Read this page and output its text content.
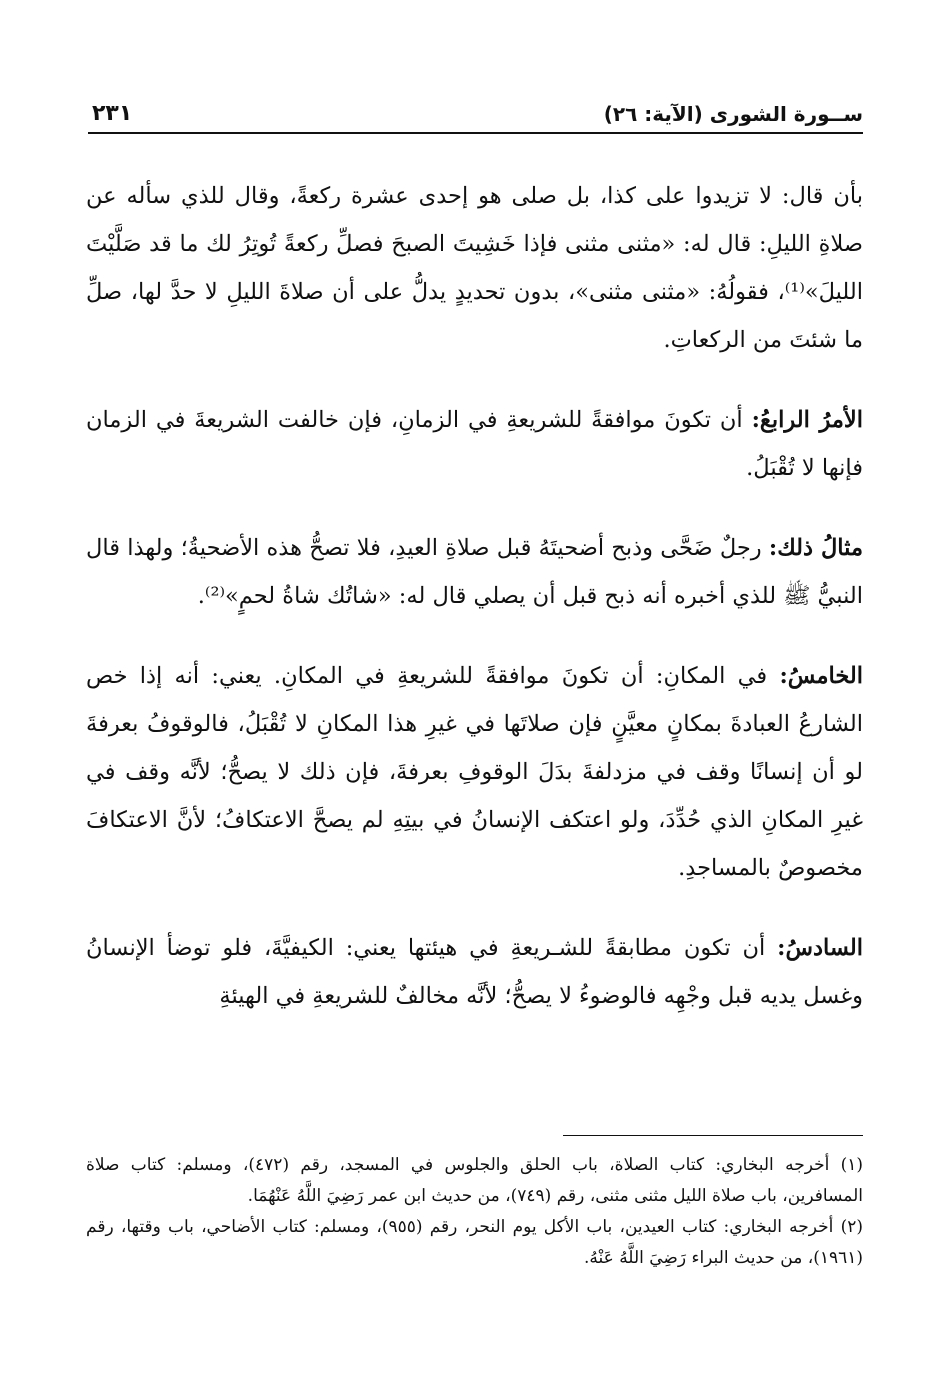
ســورة الشورى (الآية: ٢٦)
٢٣١

بأن قال: لا تزيدوا على كذا، بل صلى هو إحدى عشرة ركعةً، وقال للذي سأله عن صلاةِ الليلِ: قال له: «مثنى مثنى فإذا خَشِيتَ الصبحَ فصلِّ ركعةً تُوتِرُ لك ما قد صَلَّيْتَ الليلَ»⁽¹⁾، فقولُهُ: «مثنى مثنى»، بدون تحديدٍ يدلُّ على أن صلاةَ الليلِ لا حدَّ لها، صلِّ ما شئتَ من الركعاتِ.

الأمرُ الرابعُ: أن تكونَ موافقةً للشريعةِ في الزمانِ، فإن خالفت الشريعةَ في الزمان فإنها لا تُقْبَلُ.

مثالُ ذلك: رجلٌ ضَحَّى وذبح أضحيتَهُ قبل صلاةِ العيدِ، فلا تصحُّ هذه الأضحيةُ؛ ولهذا قال النبيُّ ﷺ للذي أخبره أنه ذبح قبل أن يصلي قال له: «شاتُك شاةُ لحمٍ»⁽²⁾.

الخامسُ: في المكانِ: أن تكونَ موافقةً للشريعةِ في المكانِ. يعني: أنه إذا خص الشارعُ العبادةَ بمكانٍ معيَّنٍ فإن صلاتَها في غيرِ هذا المكانِ لا تُقْبَلُ، فالوقوفُ بعرفةَ لو أن إنسانًا وقف في مزدلفةَ بدَلَ الوقوفِ بعرفةَ، فإن ذلك لا يصحُّ؛ لأنَّه وقف في غيرِ المكانِ الذي حُدِّدَ، ولو اعتكف الإنسانُ في بيتِهِ لم يصحَّ الاعتكافُ؛ لأنَّ الاعتكافَ مخصوصٌ بالمساجدِ.

السادسُ: أن تكون مطابقةً للشـريعةِ في هيئتها يعني: الكيفيَّةَ، فلو توضأ الإنسانُ وغسل يديه قبل وجْهِه فالوضوءُ لا يصحُّ؛ لأنَّه مخالفٌ للشريعةِ في الهيئةِ

(١) أخرجه البخاري: كتاب الصلاة، باب الحلق والجلوس في المسجد، رقم (٤٧٢)، ومسلم: كتاب صلاة المسافرين، باب صلاة الليل مثنى مثنى، رقم (٧٤٩)، من حديث ابن عمر رَضِيَ اللَّهُ عَنْهُمَا.

(٢) أخرجه البخاري: كتاب العيدين، باب الأكل يوم النحر، رقم (٩٥٥)، ومسلم: كتاب الأضاحي، باب وقتها، رقم (١٩٦١)، من حديث البراء رَضِيَ اللَّهُ عَنْهُ.
